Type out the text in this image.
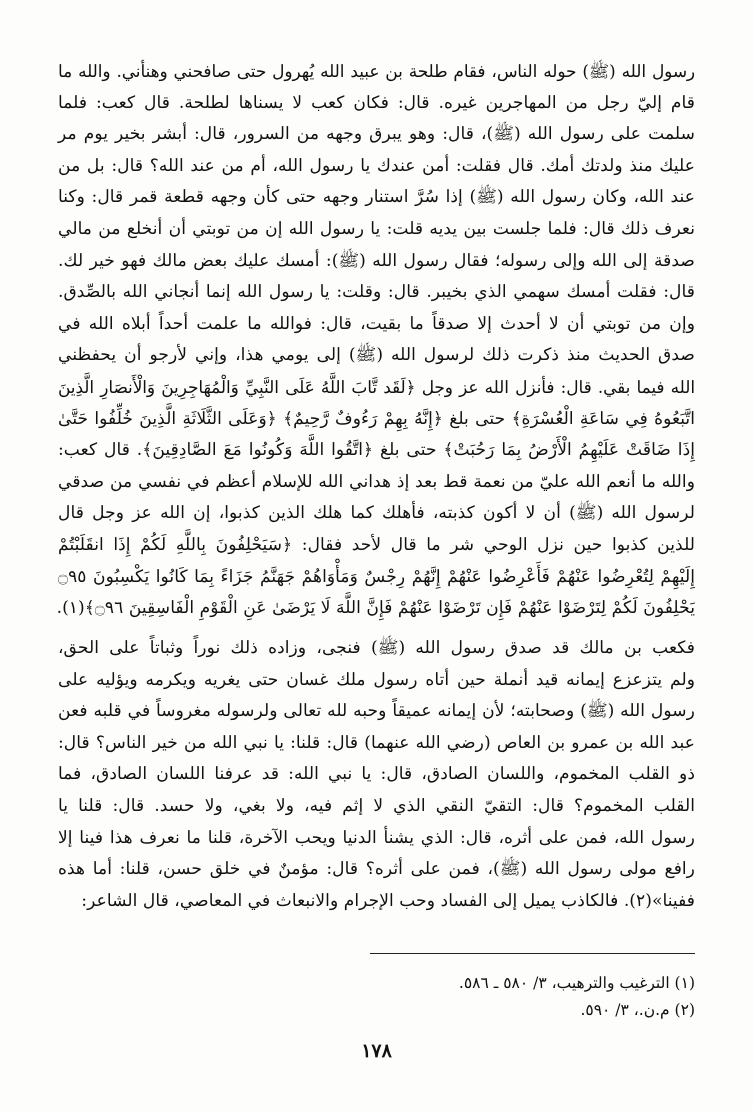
رسول الله (ﷺ) حوله الناس، فقام طلحة بن عبيد الله يُهرول حتى صافحني وهنأني. والله ما
قام إليّ رجل من المهاجرين غيره. قال: فكان كعب لا يسناها لطلحة. قال كعب: فلما
سلمت على رسول الله (ﷺ)، قال: وهو يبرق وجهه من السرور، قال: أبشر بخير يوم مر
عليك منذ ولدتك أمك. قال فقلت: أمن عندك يا رسول الله، أم من عند الله؟ قال: بل من
عند الله، وكان رسول الله (ﷺ) إذا سُرَّ استنار وجهه حتى كأن وجهه قطعة قمر قال: وكنا
نعرف ذلك قال: فلما جلست بين يديه قلت: يا رسول الله إن من توبتي أن أنخلع من مالي
صدقة إلى الله وإلى رسوله؛ فقال رسول الله (ﷺ): أمسك عليك بعض مالك فهو خير لك.
قال: فقلت أمسك سهمي الذي بخيبر. قال: وقلت: يا رسول الله إنما أنجاني الله بالصِّدق.
وإن من توبتي أن لا أحدث إلا صدقاً ما بقيت، قال: فوالله ما علمت أحداً أبلاه الله في
صدق الحديث منذ ذكرت ذلك لرسول الله (ﷺ) إلى يومي هذا، وإني لأرجو أن يحفظني
الله فيما بقي. قال: فأنزل الله عز وجل ﴿لَقَد تَّابَ اللَّهُ عَلَى النَّبِيِّ وَالْمُهَاجِرِينَ وَالْأَنصَارِ الَّذِينَ
اتَّبَعُوهُ فِي سَاعَةِ الْعُسْرَةِ﴾ حتى بلغ ﴿إِنَّهُ بِهِمْ رَءُوفٌ رَّحِيمٌ﴾ ﴿وَعَلَى الثَّلَاثَةِ الَّذِينَ خُلِّفُوا حَتَّىٰ
إِذَا ضَاقَتْ عَلَيْهِمُ الْأَرْضُ بِمَا رَحُبَتْ﴾ حتى بلغ ﴿اتَّقُوا اللَّهَ وَكُونُوا مَعَ الصَّادِقِينَ﴾. قال كعب:
والله ما أنعم الله عليّ من نعمة قط بعد إذ هداني الله للإسلام أعظم في نفسي من صدقي
لرسول الله (ﷺ) أن لا أكون كذبته، فأهلك كما هلك الذين كذبوا، إن الله عز وجل قال
للذين كذبوا حين نزل الوحي شر ما قال لأحد فقال: ﴿سَيَحْلِفُونَ بِاللَّهِ لَكُمْ إِذَا انقَلَبْتُمْ
إِلَيْهِمْ لِتُعْرِضُوا عَنْهُمْ فَأَعْرِضُوا عَنْهُمْ إِنَّهُمْ رِجْسٌ وَمَأْوَاهُمْ جَهَنَّمُ جَزَاءً بِمَا كَانُوا يَكْسِبُونَ ۝٩٥
يَحْلِفُونَ لَكُمْ لِتَرْضَوْا عَنْهُمْ فَإِن تَرْضَوْا عَنْهُمْ فَإِنَّ اللَّهَ لَا يَرْضَىٰ عَنِ الْقَوْمِ الْفَاسِقِينَ ۝٩٦﴾(١).
فكعب بن مالك قد صدق رسول الله (ﷺ) فنجى، وزاده ذلك نوراً وثباتاً على الحق،
ولم يتزعزع إيمانه قيد أنملة حين أتاه رسول ملك غسان حتى يغريه ويكرمه ويؤليه على
رسول الله (ﷺ) وصحابته؛ لأن إيمانه عميقاً وحبه لله تعالى ولرسوله مغروساً في قلبه فعن
عبد الله بن عمرو بن العاص (رضي الله عنهما) قال: قلنا: يا نبي الله من خير الناس؟ قال:
ذو القلب المخموم، واللسان الصادق، قال: يا نبي الله: قد عرفنا اللسان الصادق، فما
القلب المخموم؟ قال: التقيّ النقي الذي لا إثم فيه، ولا بغي، ولا حسد. قال: قلنا يا
رسول الله، فمن على أثره، قال: الذي يشنأ الدنيا ويحب الآخرة، قلنا ما نعرف هذا فينا إلا
رافع مولى رسول الله (ﷺ)، فمن على أثره؟ قال: مؤمنٌ في خلق حسن، قلنا: أما هذه
ففينا»(٢). فالكاذب يميل إلى الفساد وحب الإجرام والانبعاث في المعاصي، قال الشاعر:
(١) الترغيب والترهيب، ٣/ ٥٨٠ ـ ٥٨٦.
(٢) م.ن.، ٣/ ٥٩٠.
١٧٨
